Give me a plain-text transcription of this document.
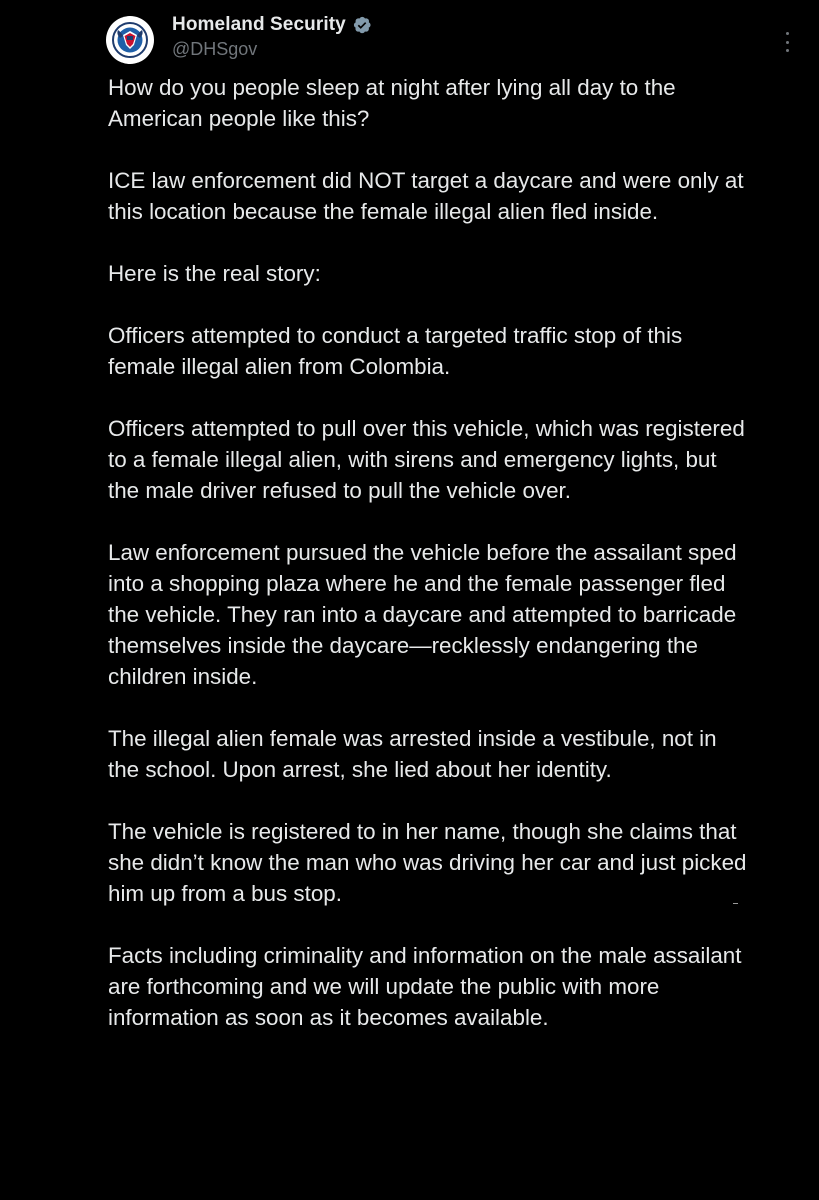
Homeland Security
@DHSgov

How do you people sleep at night after lying all day to the American people like this?

ICE law enforcement did NOT target a daycare and were only at this location because the female illegal alien fled inside.

Here is the real story:

Officers attempted to conduct a targeted traffic stop of this female illegal alien from Colombia.

Officers attempted to pull over this vehicle, which was registered to a female illegal alien, with sirens and emergency lights, but the male driver refused to pull the vehicle over.

Law enforcement pursued the vehicle before the assailant sped into a shopping plaza where he and the female passenger fled the vehicle. They ran into a daycare and attempted to barricade themselves inside the daycare—recklessly endangering the children inside.

The illegal alien female was arrested inside a vestibule, not in the school. Upon arrest, she lied about her identity.

The vehicle is registered to in her name, though she claims that she didn’t know the man who was driving her car and just picked him up from a bus stop.

Facts including criminality and information on the male assailant are forthcoming and we will update the public with more information as soon as it becomes available.
